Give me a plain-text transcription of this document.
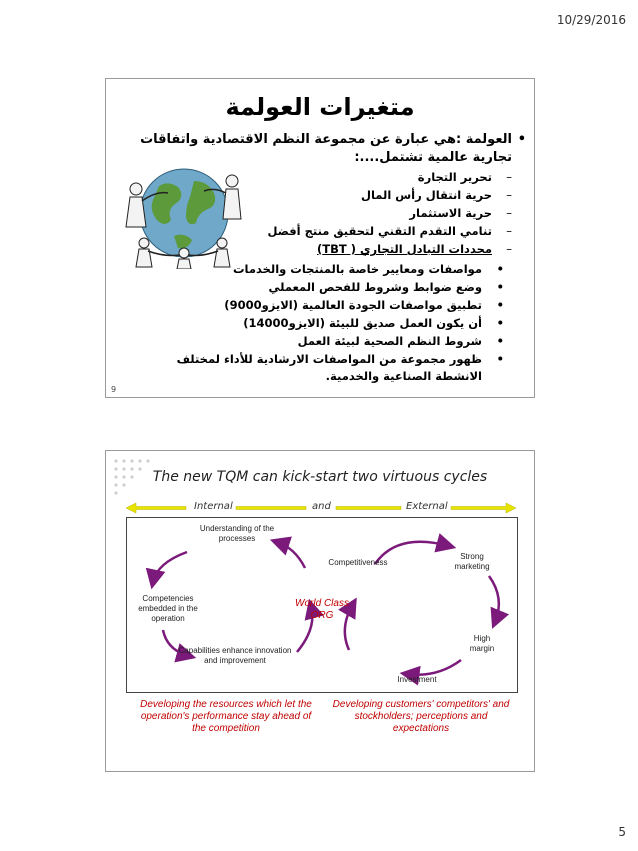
10/29/2016
متغيرات العولمة
•
العولمة :هي عبارة عن مجموعة النظم الاقتصادية واتفاقات تجارية عالمية تشتمل....:
–
تحرير التجارة
–
حرية انتقال رأس المال
–
حرية الاستثمار
–
تنامي التقدم التقني لتحقيق منتج أفضل
–
محددات التبادل التجاري ( TBT)
•
مواصفات ومعايير خاصة بالمنتجات والخدمات
•
وضع ضوابط وشروط للفحص المعملي
•
تطبيق مواصفات الجودة العالمية (الايزو9000)
•
أن يكون العمل صديق للبيئة (الايزو14000)
•
شروط النظم الصحية لبيئة العمل
•
ظهور مجموعة من المواصفات الارشادية للأداء لمختلف الانشطة الصناعية والخدمية.
9
The new TQM can kick-start two virtuous cycles
Internal	and	External
Understanding of the processes
Competencies embedded in the operation
Capabilities enhance innovation and improvement
World Class ORG
Competitiveness
Strong marketing
High margin
Investment
Developing the resources which let the operation's performance stay ahead of the competition
Developing customers' competitors' and stockholders; perceptions and expectations
5
